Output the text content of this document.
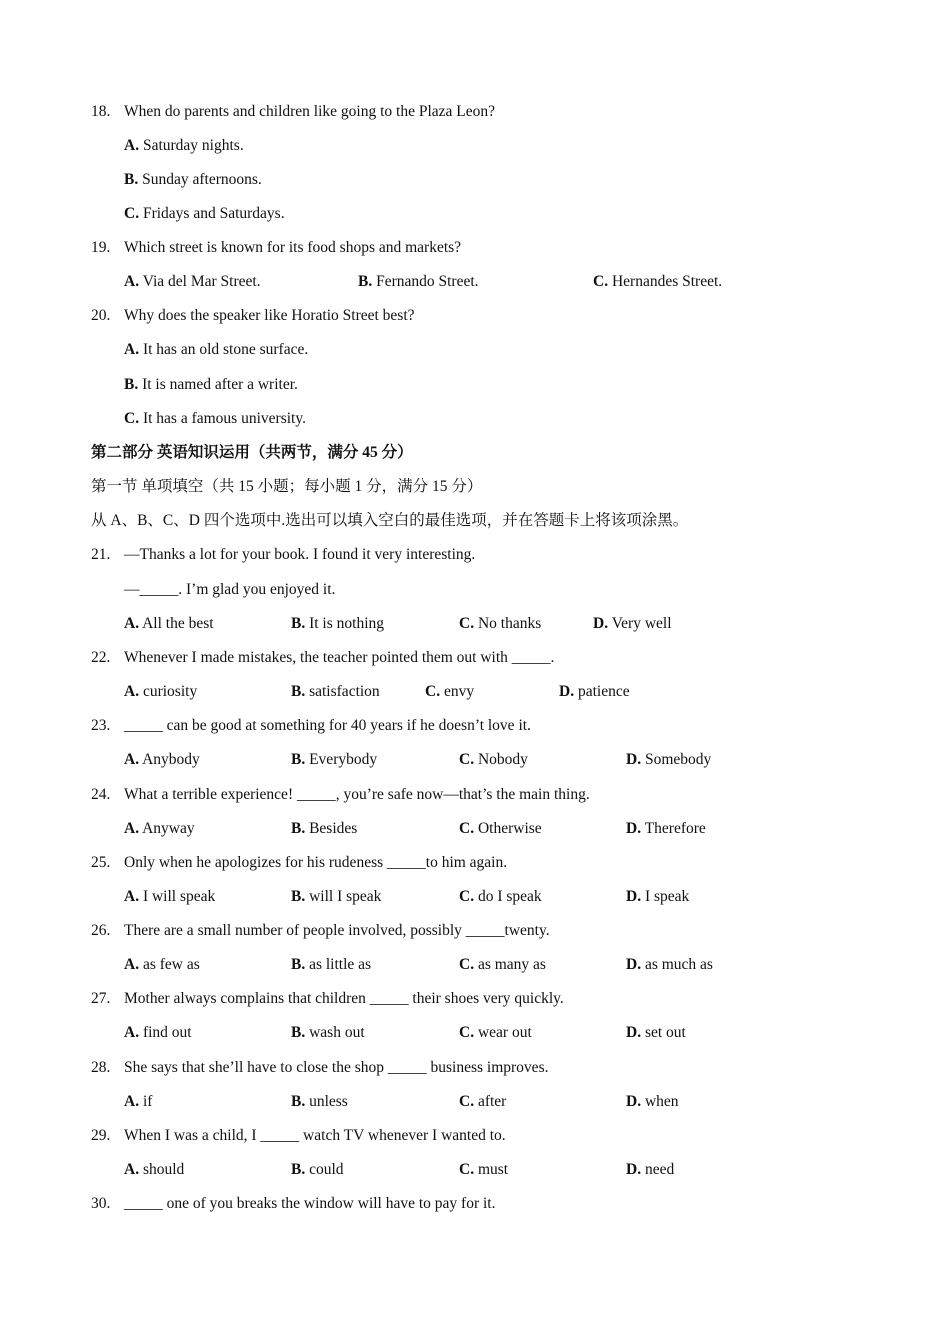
18. When do parents and children like going to the Plaza Leon?
A. Saturday nights.
B. Sunday afternoons.
C. Fridays and Saturdays.
19. Which street is known for its food shops and markets?
A. Via del Mar Street.	B. Fernando Street.	C. Hernandes Street.
20. Why does the speaker like Horatio Street best?
A. It has an old stone surface.
B. It is named after a writer.
C. It has a famous university.
第二部分 英语知识运用（共两节，满分 45 分）
第一节 单项填空（共 15 小题；每小题 1 分，满分 15 分）
从 A、B、C、D 四个选项中.选出可以填入空白的最佳选项，并在答题卡上将该项涂黑。
21. —Thanks a lot for your book. I found it very interesting.
—_____. I’m glad you enjoyed it.
A. All the best	B. It is nothing	C. No thanks	D. Very well
22. Whenever I made mistakes, the teacher pointed them out with _____.
A. curiosity	B. satisfaction	C. envy	D. patience
23. _____ can be good at something for 40 years if he doesn’t love it.
A. Anybody	B. Everybody	C. Nobody	D. Somebody
24. What a terrible experience! _____, you’re safe now—that’s the main thing.
A. Anyway	B. Besides	C. Otherwise	D. Therefore
25. Only when he apologizes for his rudeness _____to him again.
A. I will speak	B. will I speak	C. do I speak	D. I speak
26. There are a small number of people involved, possibly _____twenty.
A. as few as	B. as little as	C. as many as	D. as much as
27. Mother always complains that children _____ their shoes very quickly.
A. find out	B. wash out	C. wear out	D. set out
28. She says that she’ll have to close the shop _____ business improves.
A. if	B. unless	C. after	D. when
29. When I was a child, I _____ watch TV whenever I wanted to.
A. should	B. could	C. must	D. need
30. _____ one of you breaks the window will have to pay for it.
